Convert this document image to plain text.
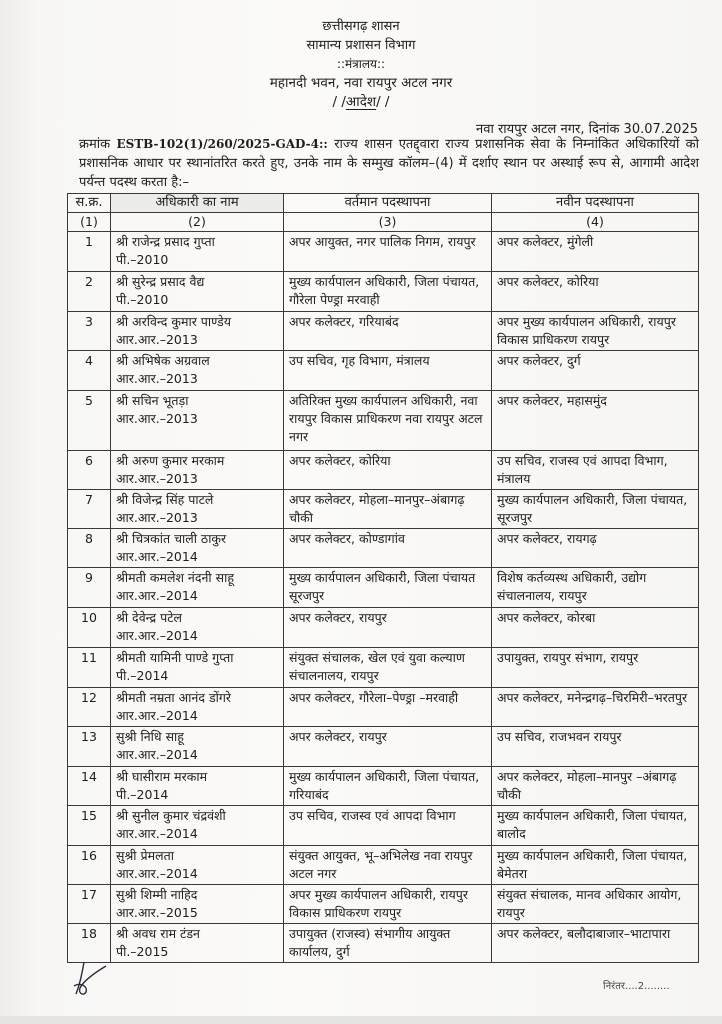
छत्तीसगढ़ शासन
सामान्य प्रशासन विभाग
::मंत्रालय::
महानदी भवन, नवा रायपुर अटल नगर
/ /आदेश/ /
नवा रायपुर अटल नगर, दिनांक 30.07.2025
क्रमांक ESTB-102(1)/260/2025-GAD-4:: राज्य शासन एतद्द्वारा राज्य प्रशासनिक सेवा के निम्नांकित अधिकारियों को प्रशासनिक आधार पर स्थानांतरित करते हुए, उनके नाम के सम्मुख कॉलम–(4) में दर्शाए स्थान पर अस्थाई रूप से, आगामी आदेश पर्यन्त पदस्थ करता है:–
स.क्र.	अधिकारी का नाम	वर्तमान पदस्थापना	नवीन पदस्थापना
(1)	(2)	(3)	(4)
1	श्री राजेन्द्र प्रसाद गुप्ता
पी.–2010	अपर आयुक्त, नगर पालिक निगम, रायपुर	अपर कलेक्टर, मुंगेली
2	श्री सुरेन्द्र प्रसाद वैद्य
पी.–2010	मुख्य कार्यपालन अधिकारी, जिला पंचायत, गौरेला पेण्ड्रा मरवाही	अपर कलेक्टर, कोरिया
3	श्री अरविन्द कुमार पाण्डेय
आर.आर.–2013	अपर कलेक्टर, गरियाबंद	अपर मुख्य कार्यपालन अधिकारी, रायपुर विकास प्राधिकरण रायपुर
4	श्री अभिषेक अग्रवाल
आर.आर.–2013	उप सचिव, गृह विभाग, मंत्रालय	अपर कलेक्टर, दुर्ग
5	श्री सचिन भूतड़ा
आर.आर.–2013	अतिरिक्त मुख्य कार्यपालन अधिकारी, नवा रायपुर विकास प्राधिकरण नवा रायपुर अटल नगर	अपर कलेक्टर, महासमुंद
6	श्री अरुण कुमार मरकाम
आर.आर.–2013	अपर कलेक्टर, कोरिया	उप सचिव, राजस्व एवं आपदा विभाग, मंत्रालय
7	श्री विजेन्द्र सिंह पाटले
आर.आर.–2013	अपर कलेक्टर, मोहला–मानपुर–अंबागढ़ चौकी	मुख्य कार्यपालन अधिकारी, जिला पंचायत, सूरजपुर
8	श्री चित्रकांत चाली ठाकुर
आर.आर.–2014	अपर कलेक्टर, कोण्डागांव	अपर कलेक्टर, रायगढ़
9	श्रीमती कमलेश नंदनी साहू
आर.आर.–2014	मुख्य कार्यपालन अधिकारी, जिला पंचायत सूरजपुर	विशेष कर्तव्यस्थ अधिकारी, उद्योग संचालनालय, रायपुर
10	श्री देवेन्द्र पटेल
आर.आर.–2014	अपर कलेक्टर, रायपुर	अपर कलेक्टर, कोरबा
11	श्रीमती यामिनी पाण्डे गुप्ता
पी.–2014	संयुक्त संचालक, खेल एवं युवा कल्याण संचालनालय, रायपुर	उपायुक्त, रायपुर संभाग, रायपुर
12	श्रीमती नम्रता आनंद डोंगरे
आर.आर.–2014	अपर कलेक्टर, गौरेला–पेण्ड्रा –मरवाही	अपर कलेक्टर, मनेन्द्रगढ़–चिरमिरी–भरतपुर
13	सुश्री निधि साहू
आर.आर.–2014	अपर कलेक्टर, रायपुर	उप सचिव, राजभवन रायपुर
14	श्री घासीराम मरकाम
पी.–2014	मुख्य कार्यपालन अधिकारी, जिला पंचायत, गरियाबंद	अपर कलेक्टर, मोहला–मानपुर –अंबागढ़ चौकी
15	श्री सुनील कुमार चंद्रवंशी
आर.आर.–2014	उप सचिव, राजस्व एवं आपदा विभाग	मुख्य कार्यपालन अधिकारी, जिला पंचायत, बालोद
16	सुश्री प्रेमलता
आर.आर.–2014	संयुक्त आयुक्त, भू–अभिलेख नवा रायपुर अटल नगर	मुख्य कार्यपालन अधिकारी, जिला पंचायत, बेमेतरा
17	सुश्री शिम्मी नाहिद
आर.आर.–2015	अपर मुख्य कार्यपालन अधिकारी, रायपुर विकास प्राधिकरण रायपुर	संयुक्त संचालक, मानव अधिकार आयोग, रायपुर
18	श्री अवध राम टंडन
पी.–2015	उपायुक्त (राजस्व) संभागीय आयुक्त कार्यालय, दुर्ग	अपर कलेक्टर, बलौदाबाजार–भाटापारा
निरंतर....2........
